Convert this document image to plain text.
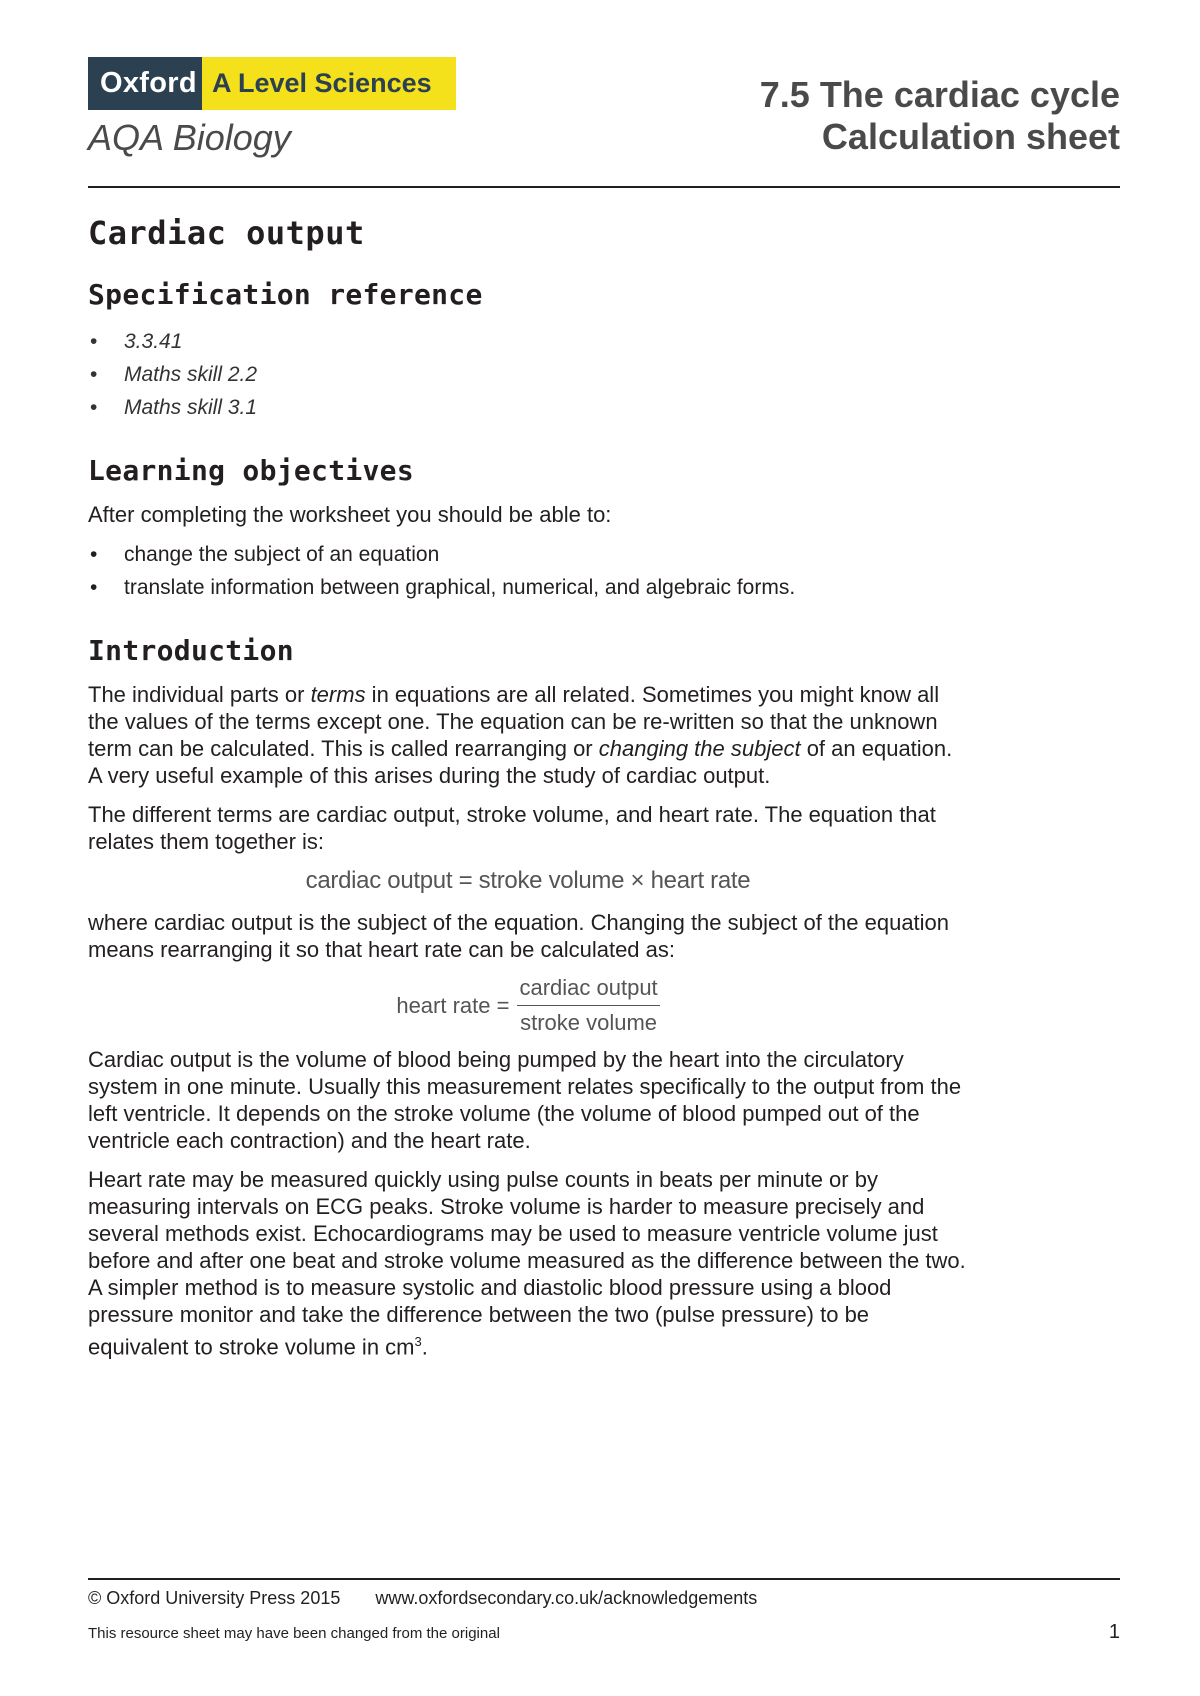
Oxford A Level Sciences
AQA Biology
7.5 The cardiac cycle
Calculation sheet
Cardiac output
Specification reference
• 3.3.41
• Maths skill 2.2
• Maths skill 3.1
Learning objectives

After completing the worksheet you should be able to:

• change the subject of an equation
• translate information between graphical, numerical, and algebraic forms.
Introduction

The individual parts or terms in equations are all related. Sometimes you might know all the values of the terms except one. The equation can be re-written so that the unknown term can be calculated. This is called rearranging or changing the subject of an equation. A very useful example of this arises during the study of cardiac output.

The different terms are cardiac output, stroke volume, and heart rate. The equation that relates them together is:

cardiac output = stroke volume × heart rate

where cardiac output is the subject of the equation. Changing the subject of the equation means rearranging it so that heart rate can be calculated as:

heart rate = $\frac{\text{cardiac output}}{\text{stroke volume}}$

Cardiac output is the volume of blood being pumped by the heart into the circulatory system in one minute. Usually this measurement relates specifically to the output from the left ventricle. It depends on the stroke volume (the volume of blood pumped out of the ventricle each contraction) and the heart rate.

Heart rate may be measured quickly using pulse counts in beats per minute or by measuring intervals on ECG peaks. Stroke volume is harder to measure precisely and several methods exist. Echocardiograms may be used to measure ventricle volume just before and after one beat and stroke volume measured as the difference between the two. A simpler method is to measure systolic and diastolic blood pressure using a blood pressure monitor and take the difference between the two (pulse pressure) to be equivalent to stroke volume in $cm^3$.

© Oxford University Press 2015 www.oxfordsecondary.co.uk/acknowledgements
This resource sheet may have been changed from the original	1
